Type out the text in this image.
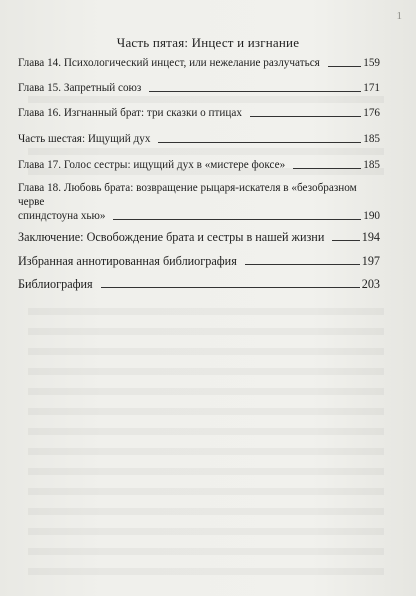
1
Часть пятая: Инцест и изгнание
Глава 14. Психологический инцест, или нежелание разлучаться	159
Глава 15. Запретный союз	171
Глава 16. Изгнанный брат: три сказки о птицах	176
Часть шестая: Ищущий дух	185
Глава 17. Голос сестры: ищущий дух в «мистере фоксе»	185
Глава 18. Любовь брата: возвращение рыцаря-искателя в «безобразном черве
спиндстоуна хью»	190
Заключение: Освобождение брата и сестры в нашей жизни	194
Избранная аннотированная библиография	197
Библиография	203
